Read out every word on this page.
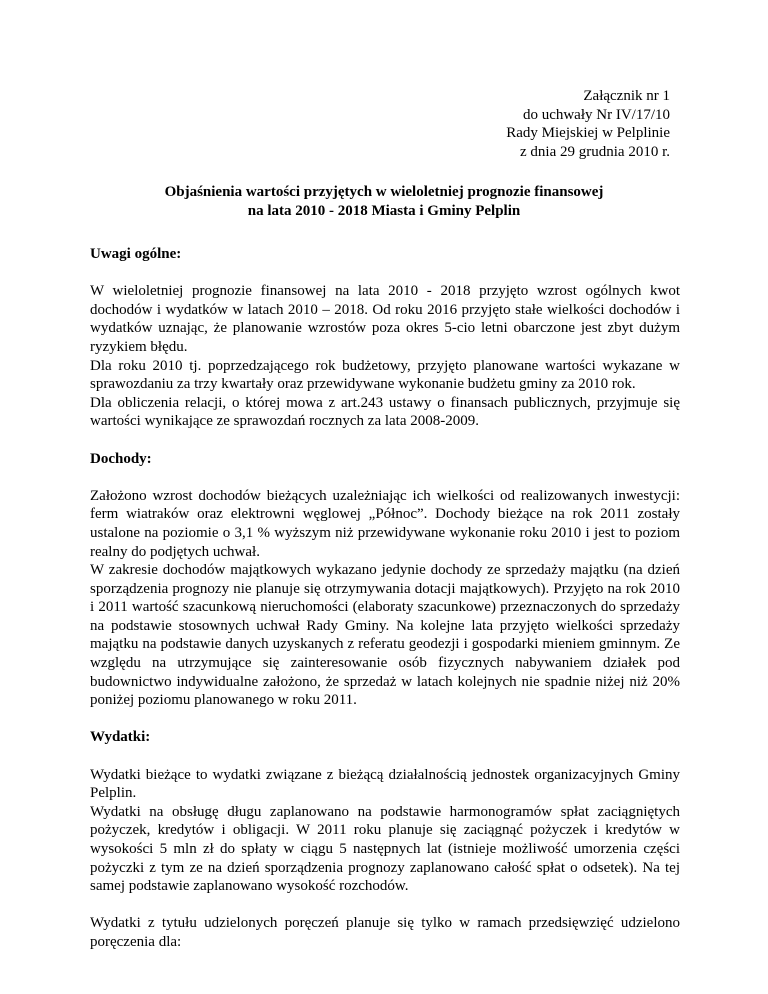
Załącznik nr 1
do uchwały Nr IV/17/10
Rady Miejskiej w Pelplinie
z dnia 29 grudnia 2010 r.
Objaśnienia wartości przyjętych w wieloletniej prognozie finansowej
na lata 2010 - 2018 Miasta i Gminy Pelplin
Uwagi ogólne:

W wieloletniej prognozie finansowej na lata 2010 - 2018 przyjęto wzrost ogólnych kwot dochodów i wydatków w latach 2010 – 2018. Od roku 2016 przyjęto stałe wielkości dochodów i wydatków uznając, że planowanie wzrostów poza okres 5-cio letni obarczone jest zbyt dużym ryzykiem błędu.

Dla roku 2010 tj. poprzedzającego rok budżetowy, przyjęto planowane wartości wykazane w sprawozdaniu za trzy kwartały oraz przewidywane wykonanie budżetu gminy za 2010 rok.

Dla obliczenia relacji, o której mowa z art.243 ustawy o finansach publicznych, przyjmuje się wartości wynikające ze sprawozdań rocznych za lata 2008-2009.

Dochody:

Założono wzrost dochodów bieżących uzależniając ich wielkości od realizowanych inwestycji: ferm wiatraków oraz elektrowni węglowej „Północ”. Dochody bieżące na rok 2011 zostały ustalone na poziomie o 3,1 % wyższym niż przewidywane wykonanie roku 2010 i jest to poziom realny do podjętych uchwał.

W zakresie dochodów majątkowych wykazano jedynie dochody ze sprzedaży majątku (na dzień sporządzenia prognozy nie planuje się otrzymywania dotacji majątkowych). Przyjęto na rok 2010 i 2011 wartość szacunkową nieruchomości (elaboraty szacunkowe) przeznaczonych do sprzedaży na podstawie stosownych uchwał Rady Gminy. Na kolejne lata przyjęto wielkości sprzedaży majątku na podstawie danych uzyskanych z referatu geodezji i gospodarki mieniem gminnym. Ze względu na utrzymujące się zainteresowanie osób fizycznych nabywaniem działek pod budownictwo indywidualne założono, że sprzedaż w latach kolejnych nie spadnie niżej niż 20% poniżej poziomu planowanego w roku 2011.

Wydatki:

Wydatki bieżące to wydatki związane z bieżącą działalnością jednostek organizacyjnych Gminy Pelplin.

Wydatki na obsługę długu zaplanowano na podstawie harmonogramów spłat zaciągniętych pożyczek, kredytów i obligacji. W 2011 roku planuje się zaciągnąć pożyczek i kredytów w wysokości 5 mln zł do spłaty w ciągu 5 następnych lat (istnieje możliwość umorzenia części pożyczki z tym ze na dzień sporządzenia prognozy zaplanowano całość spłat o odsetek). Na tej samej podstawie zaplanowano wysokość rozchodów.

Wydatki z tytułu udzielonych poręczeń planuje się tylko w ramach przedsięwzięć udzielono poręczenia dla:
